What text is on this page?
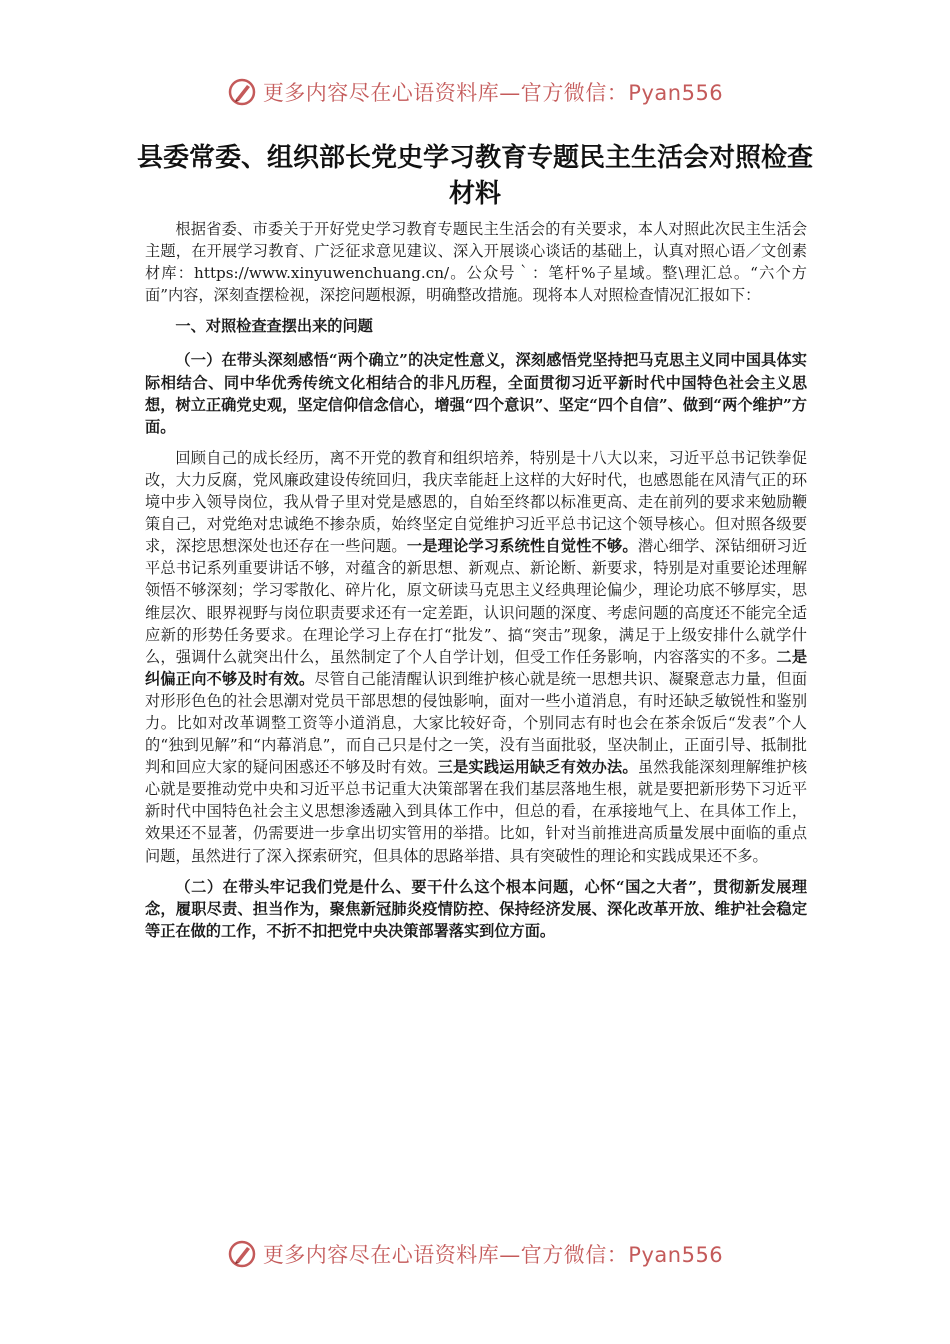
更多内容尽在心语资料库—官方微信：Pyan556
县委常委、组织部长党史学习教育专题民主生活会对照检查材料

根据省委、市委关于开好党史学习教育专题民主生活会的有关要求，本人对照此次民主生活会主题，在开展学习教育、广泛征求意见建议、深入开展谈心谈话的基础上，认真对照心语／文创素材库：https://www.xinyuwenchuang.cn/。公众号｀：笔杆%子星域。整\理汇总。“六个方面”内容，深刻查摆检视，深挖问题根源，明确整改措施。现将本人对照检查情况汇报如下：

一、对照检查查摆出来的问题

（一）在带头深刻感悟“两个确立”的决定性意义，深刻感悟党坚持把马克思主义同中国具体实际相结合、同中华优秀传统文化相结合的非凡历程，全面贯彻习近平新时代中国特色社会主义思想，树立正确党史观，坚定信仰信念信心，增强“四个意识”、坚定“四个自信”、做到“两个维护”方面。

回顾自己的成长经历，离不开党的教育和组织培养，特别是十八大以来，习近平总书记铁拳促改，大力反腐，党风廉政建设传统回归，我庆幸能赶上这样的大好时代，也感恩能在风清气正的环境中步入领导岗位，我从骨子里对党是感恩的，自始至终都以标准更高、走在前列的要求来勉励鞭策自己，对党绝对忠诚绝不掺杂质，始终坚定自觉维护习近平总书记这个领导核心。但对照各级要求，深挖思想深处也还存在一些问题。一是理论学习系统性自觉性不够。潜心细学、深钻细研习近平总书记系列重要讲话不够，对蕴含的新思想、新观点、新论断、新要求，特别是对重要论述理解领悟不够深刻；学习零散化、碎片化，原文研读马克思主义经典理论偏少，理论功底不够厚实，思维层次、眼界视野与岗位职责要求还有一定差距，认识问题的深度、考虑问题的高度还不能完全适应新的形势任务要求。在理论学习上存在打“批发”、搞“突击”现象，满足于上级安排什么就学什么，强调什么就突出什么，虽然制定了个人自学计划，但受工作任务影响，内容落实的不多。二是纠偏正向不够及时有效。尽管自己能清醒认识到维护核心就是统一思想共识、凝聚意志力量，但面对形形色色的社会思潮对党员干部思想的侵蚀影响，面对一些小道消息，有时还缺乏敏锐性和鉴别力。比如对改革调整工资等小道消息，大家比较好奇，个别同志有时也会在茶余饭后“发表”个人的“独到见解”和“内幕消息”，而自己只是付之一笑，没有当面批驳，坚决制止，正面引导、抵制批判和回应大家的疑问困惑还不够及时有效。三是实践运用缺乏有效办法。虽然我能深刻理解维护核心就是要推动党中央和习近平总书记重大决策部署在我们基层落地生根，就是要把新形势下习近平新时代中国特色社会主义思想渗透融入到具体工作中，但总的看，在承接地气上、在具体工作上，效果还不显著，仍需要进一步拿出切实管用的举措。比如，针对当前推进高质量发展中面临的重点问题，虽然进行了深入探索研究，但具体的思路举措、具有突破性的理论和实践成果还不多。

（二）在带头牢记我们党是什么、要干什么这个根本问题，心怀“国之大者”，贯彻新发展理念，履职尽责、担当作为，聚焦新冠肺炎疫情防控、保持经济发展、深化改革开放、维护社会稳定等正在做的工作，不折不扣把党中央决策部署落实到位方面。

更多内容尽在心语资料库—官方微信：Pyan556
